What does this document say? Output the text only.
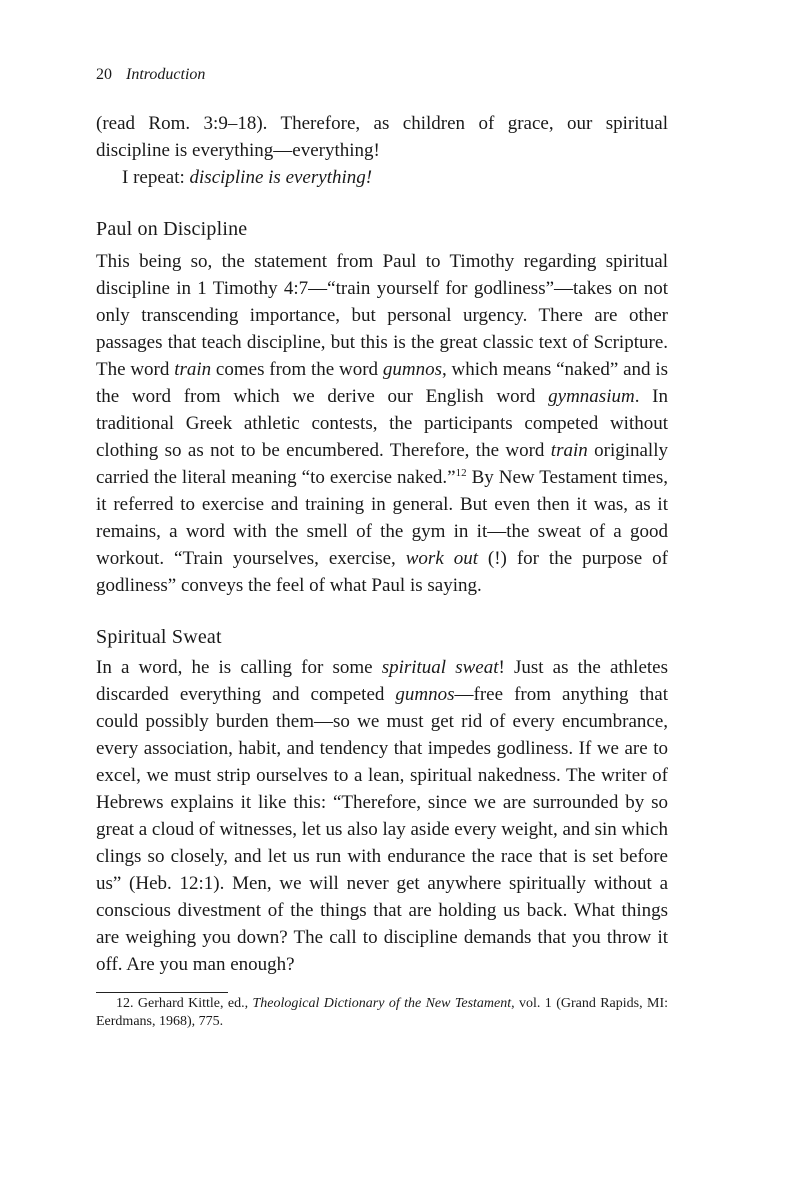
20 Introduction

(read Rom. 3:9–18). Therefore, as children of grace, our spiritual discipline is everything—everything!

I repeat: discipline is everything!

Paul on Discipline

This being so, the statement from Paul to Timothy regarding spiritual discipline in 1 Timothy 4:7—“train yourself for godliness”—takes on not only transcending importance, but personal urgency. There are other passages that teach discipline, but this is the great classic text of Scripture. The word train comes from the word gumnos, which means “naked” and is the word from which we derive our English word gymnasium. In traditional Greek athletic contests, the participants competed without clothing so as not to be encumbered. Therefore, the word train originally carried the literal meaning “to exercise naked.”$^{12}$ By New Testament times, it referred to exercise and training in general. But even then it was, as it remains, a word with the smell of the gym in it—the sweat of a good workout. “Train yourselves, exercise, work out (!) for the purpose of godliness” conveys the feel of what Paul is saying.

Spiritual Sweat

In a word, he is calling for some spiritual sweat! Just as the athletes discarded everything and competed gumnos—free from anything that could possibly burden them—so we must get rid of every encumbrance, every association, habit, and tendency that impedes godliness. If we are to excel, we must strip ourselves to a lean, spiritual nakedness. The writer of Hebrews explains it like this: “Therefore, since we are surrounded by so great a cloud of witnesses, let us also lay aside every weight, and sin which clings so closely, and let us run with endurance the race that is set before us” (Heb. 12:1). Men, we will never get anywhere spiritually without a conscious divestment of the things that are holding us back. What things are weighing you down? The call to discipline demands that you throw it off. Are you man enough?

12. Gerhard Kittle, ed., Theological Dictionary of the New Testament, vol. 1 (Grand Rapids, MI: Eerdmans, 1968), 775.
